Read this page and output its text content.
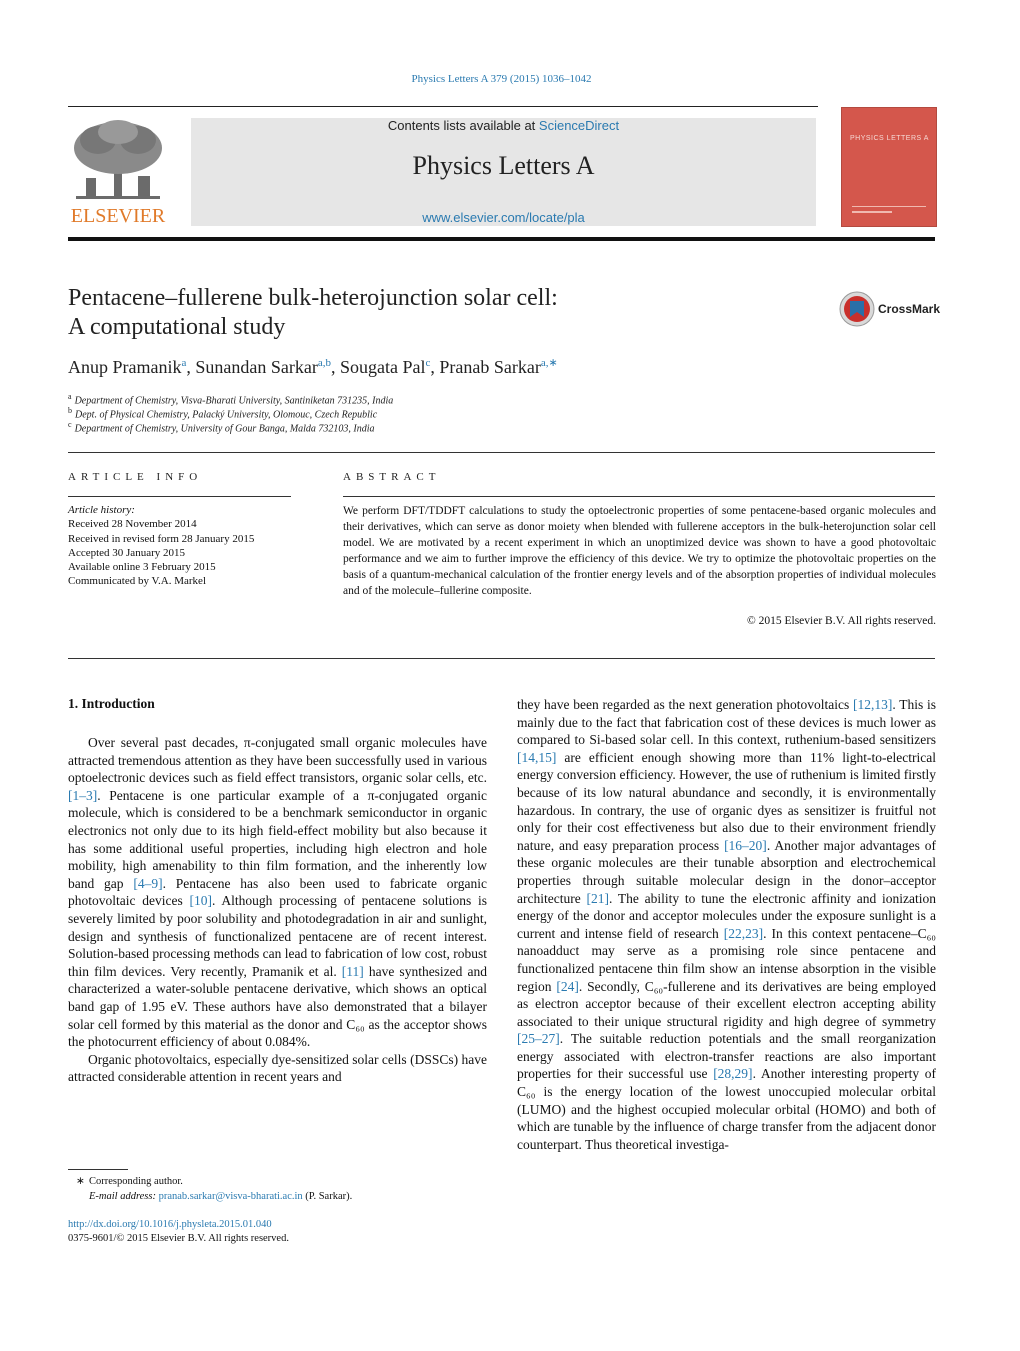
Physics Letters A 379 (2015) 1036–1042
ELSEVIER
Contents lists available at ScienceDirect
Physics Letters A
www.elsevier.com/locate/pla
PHYSICS LETTERS A
Pentacene–fullerene bulk-heterojunction solar cell:
A computational study
CrossMark
Anup Pramanik$^a$, Sunandan Sarkar$^{a,b}$, Sougata Pal$^c$, Pranab Sarkar$^{a,∗}$
$^a$ Department of Chemistry, Visva-Bharati University, Santiniketan 731235, India
$^b$ Dept. of Physical Chemistry, Palacký University, Olomouc, Czech Republic
$^c$ Department of Chemistry, University of Gour Banga, Malda 732103, India
ARTICLE INFO
Article history:
Received 28 November 2014
Received in revised form 28 January 2015
Accepted 30 January 2015
Available online 3 February 2015
Communicated by V.A. Markel
ABSTRACT
We perform DFT/TDDFT calculations to study the optoelectronic properties of some pentacene-based organic molecules and their derivatives, which can serve as donor moiety when blended with fullerene acceptors in the bulk-heterojunction solar cell model. We are motivated by a recent experiment in which an unoptimized device was shown to have a good photovoltaic performance and we aim to further improve the efficiency of this device. We try to optimize the photovoltaic properties on the basis of a quantum-mechanical calculation of the frontier energy levels and of the absorption properties of individual molecules and of the molecule–fullerine composite.
© 2015 Elsevier B.V. All rights reserved.
1. Introduction

Over several past decades, π-conjugated small organic molecules have attracted tremendous attention as they have been successfully used in various optoelectronic devices such as field effect transistors, organic solar cells, etc. [1–3]. Pentacene is one particular example of a π-conjugated organic molecule, which is considered to be a benchmark semiconductor in organic electronics not only due to its high field-effect mobility but also because it has some additional useful properties, including high electron and hole mobility, high amenability to thin film formation, and the inherently low band gap [4–9]. Pentacene has also been used to fabricate organic photovoltaic devices [10]. Although processing of pentacene solutions is severely limited by poor solubility and photodegradation in air and sunlight, design and synthesis of functionalized pentacene are of recent interest. Solution-based processing methods can lead to fabrication of low cost, robust thin film devices. Very recently, Pramanik et al. [11] have synthesized and characterized a water-soluble pentacene derivative, which shows an optical band gap of 1.95 eV. These authors have also demonstrated that a bilayer solar cell formed by this material as the donor and C₆₀ as the acceptor shows the photocurrent efficiency of about 0.084%.

Organic photovoltaics, especially dye-sensitized solar cells (DSSCs) have attracted considerable attention in recent years and

they have been regarded as the next generation photovoltaics [12,13]. This is mainly due to the fact that fabrication cost of these devices is much lower as compared to Si-based solar cell. In this context, ruthenium-based sensitizers [14,15] are efficient enough showing more than 11% light-to-electrical energy conversion efficiency. However, the use of ruthenium is limited firstly because of its low natural abundance and secondly, it is environmentally hazardous. In contrary, the use of organic dyes as sensitizer is fruitful not only for their cost effectiveness but also due to their environment friendly nature, and easy preparation process [16–20]. Another major advantages of these organic molecules are their tunable absorption and electrochemical properties through suitable molecular design in the donor–acceptor architecture [21]. The ability to tune the electronic affinity and ionization energy of the donor and acceptor molecules under the exposure sunlight is a current and intense field of research [22,23]. In this context pentacene–C₆₀ nanoadduct may serve as a promising role since pentacene and functionalized pentacene thin film show an intense absorption in the visible region [24]. Secondly, C₆₀-fullerene and its derivatives are being employed as electron acceptor because of their excellent electron accepting ability associated to their unique structural rigidity and high degree of symmetry [25–27]. The suitable reduction potentials and the small reorganization energy associated with electron-transfer reactions are also important properties for their successful use [28,29]. Another interesting property of C₆₀ is the energy location of the lowest unoccupied molecular orbital (LUMO) and the highest occupied molecular orbital (HOMO) and both of which are tunable by the influence of charge transfer from the adjacent donor counterpart. Thus theoretical investiga-

∗ Corresponding author.
E-mail address: pranab.sarkar@visva-bharati.ac.in (P. Sarkar).
http://dx.doi.org/10.1016/j.physleta.2015.01.040
0375-9601/© 2015 Elsevier B.V. All rights reserved.
